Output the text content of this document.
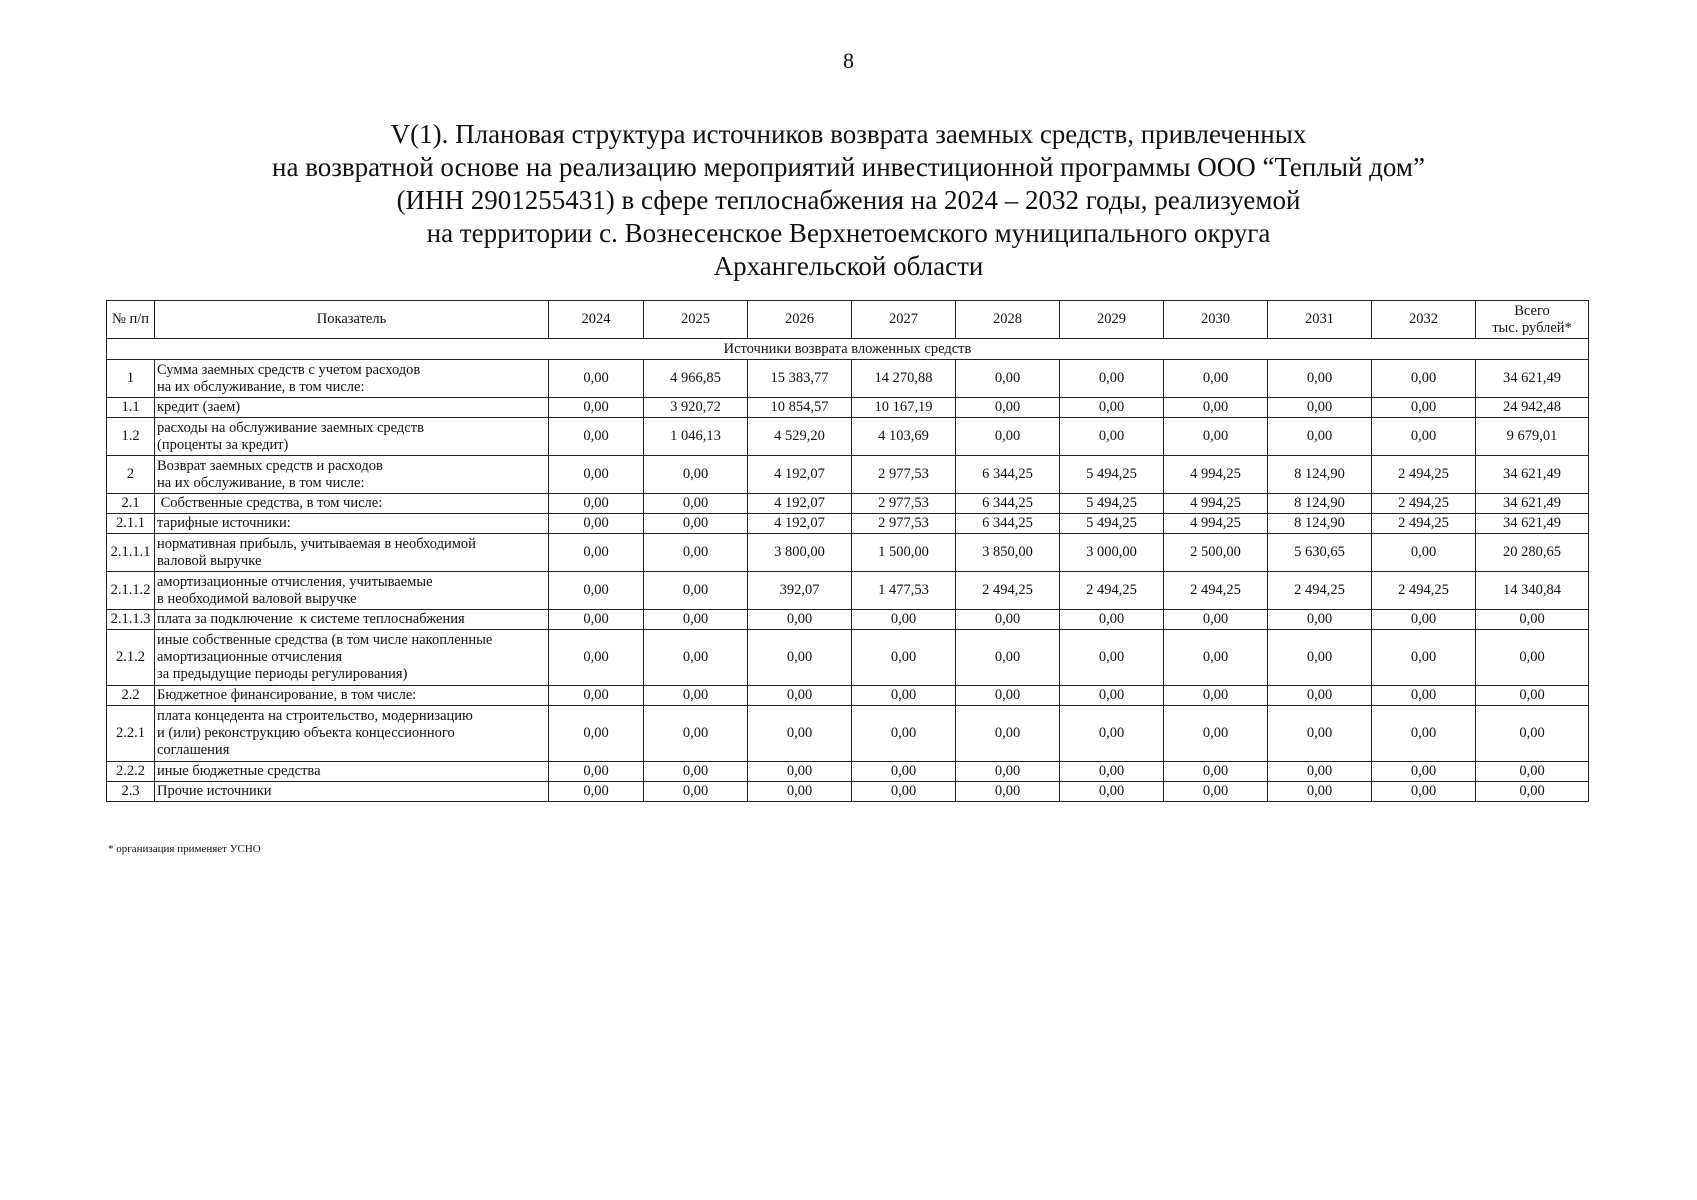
8
V(1). Плановая структура источников возврата заемных средств, привлеченных
на возвратной основе на реализацию мероприятий инвестиционной программы ООО “Теплый дом”
(ИНН 2901255431) в сфере теплоснабжения на 2024 – 2032 годы, реализуемой
на территории с. Вознесенское Верхнетоемского муниципального округа
Архангельской области
№ п/п	Показатель	2024	2025	2026	2027	2028	2029	2030	2031	2032	Всего
тыс. рублей*

Источники возврата вложенных средств											
1	Сумма заемных средств с учетом расходов
на их обслуживание, в том числе:	0,00	4 966,85	15 383,77	14 270,88	0,00	0,00	0,00	0,00	0,00	34 621,49
1.1	кредит (заем)	0,00	3 920,72	10 854,57	10 167,19	0,00	0,00	0,00	0,00	0,00	24 942,48
1.2	расходы на обслуживание заемных средств
(проценты за кредит)	0,00	1 046,13	4 529,20	4 103,69	0,00	0,00	0,00	0,00	0,00	9 679,01
2	Возврат заемных средств и расходов
на их обслуживание, в том числе:	0,00	0,00	4 192,07	2 977,53	6 344,25	5 494,25	4 994,25	8 124,90	2 494,25	34 621,49
2.1	Собственные средства, в том числе:	0,00	0,00	4 192,07	2 977,53	6 344,25	5 494,25	4 994,25	8 124,90	2 494,25	34 621,49
2.1.1	тарифные источники:	0,00	0,00	4 192,07	2 977,53	6 344,25	5 494,25	4 994,25	8 124,90	2 494,25	34 621,49
2.1.1.1	нормативная прибыль, учитываемая в необходимой
валовой выручке	0,00	0,00	3 800,00	1 500,00	3 850,00	3 000,00	2 500,00	5 630,65	0,00	20 280,65
2.1.1.2	амортизационные отчисления, учитываемые
в необходимой валовой выручке	0,00	0,00	392,07	1 477,53	2 494,25	2 494,25	2 494,25	2 494,25	2 494,25	14 340,84
2.1.1.3	плата за подключение  к системе теплоснабжения	0,00	0,00	0,00	0,00	0,00	0,00	0,00	0,00	0,00	0,00
2.1.2	иные собственные средства (в том числе накопленные
амортизационные отчисления
за предыдущие периоды регулирования)	0,00	0,00	0,00	0,00	0,00	0,00	0,00	0,00	0,00	0,00
2.2	Бюджетное финансирование, в том числе:	0,00	0,00	0,00	0,00	0,00	0,00	0,00	0,00	0,00	0,00
2.2.1	плата концедента на строительство, модернизацию
и (или) реконструкцию объекта концессионного
соглашения	0,00	0,00	0,00	0,00	0,00	0,00	0,00	0,00	0,00	0,00
2.2.2	иные бюджетные средства	0,00	0,00	0,00	0,00	0,00	0,00	0,00	0,00	0,00	0,00
2.3	Прочие источники	0,00	0,00	0,00	0,00	0,00	0,00	0,00	0,00	0,00	0,00
* организация применяет УСНО
